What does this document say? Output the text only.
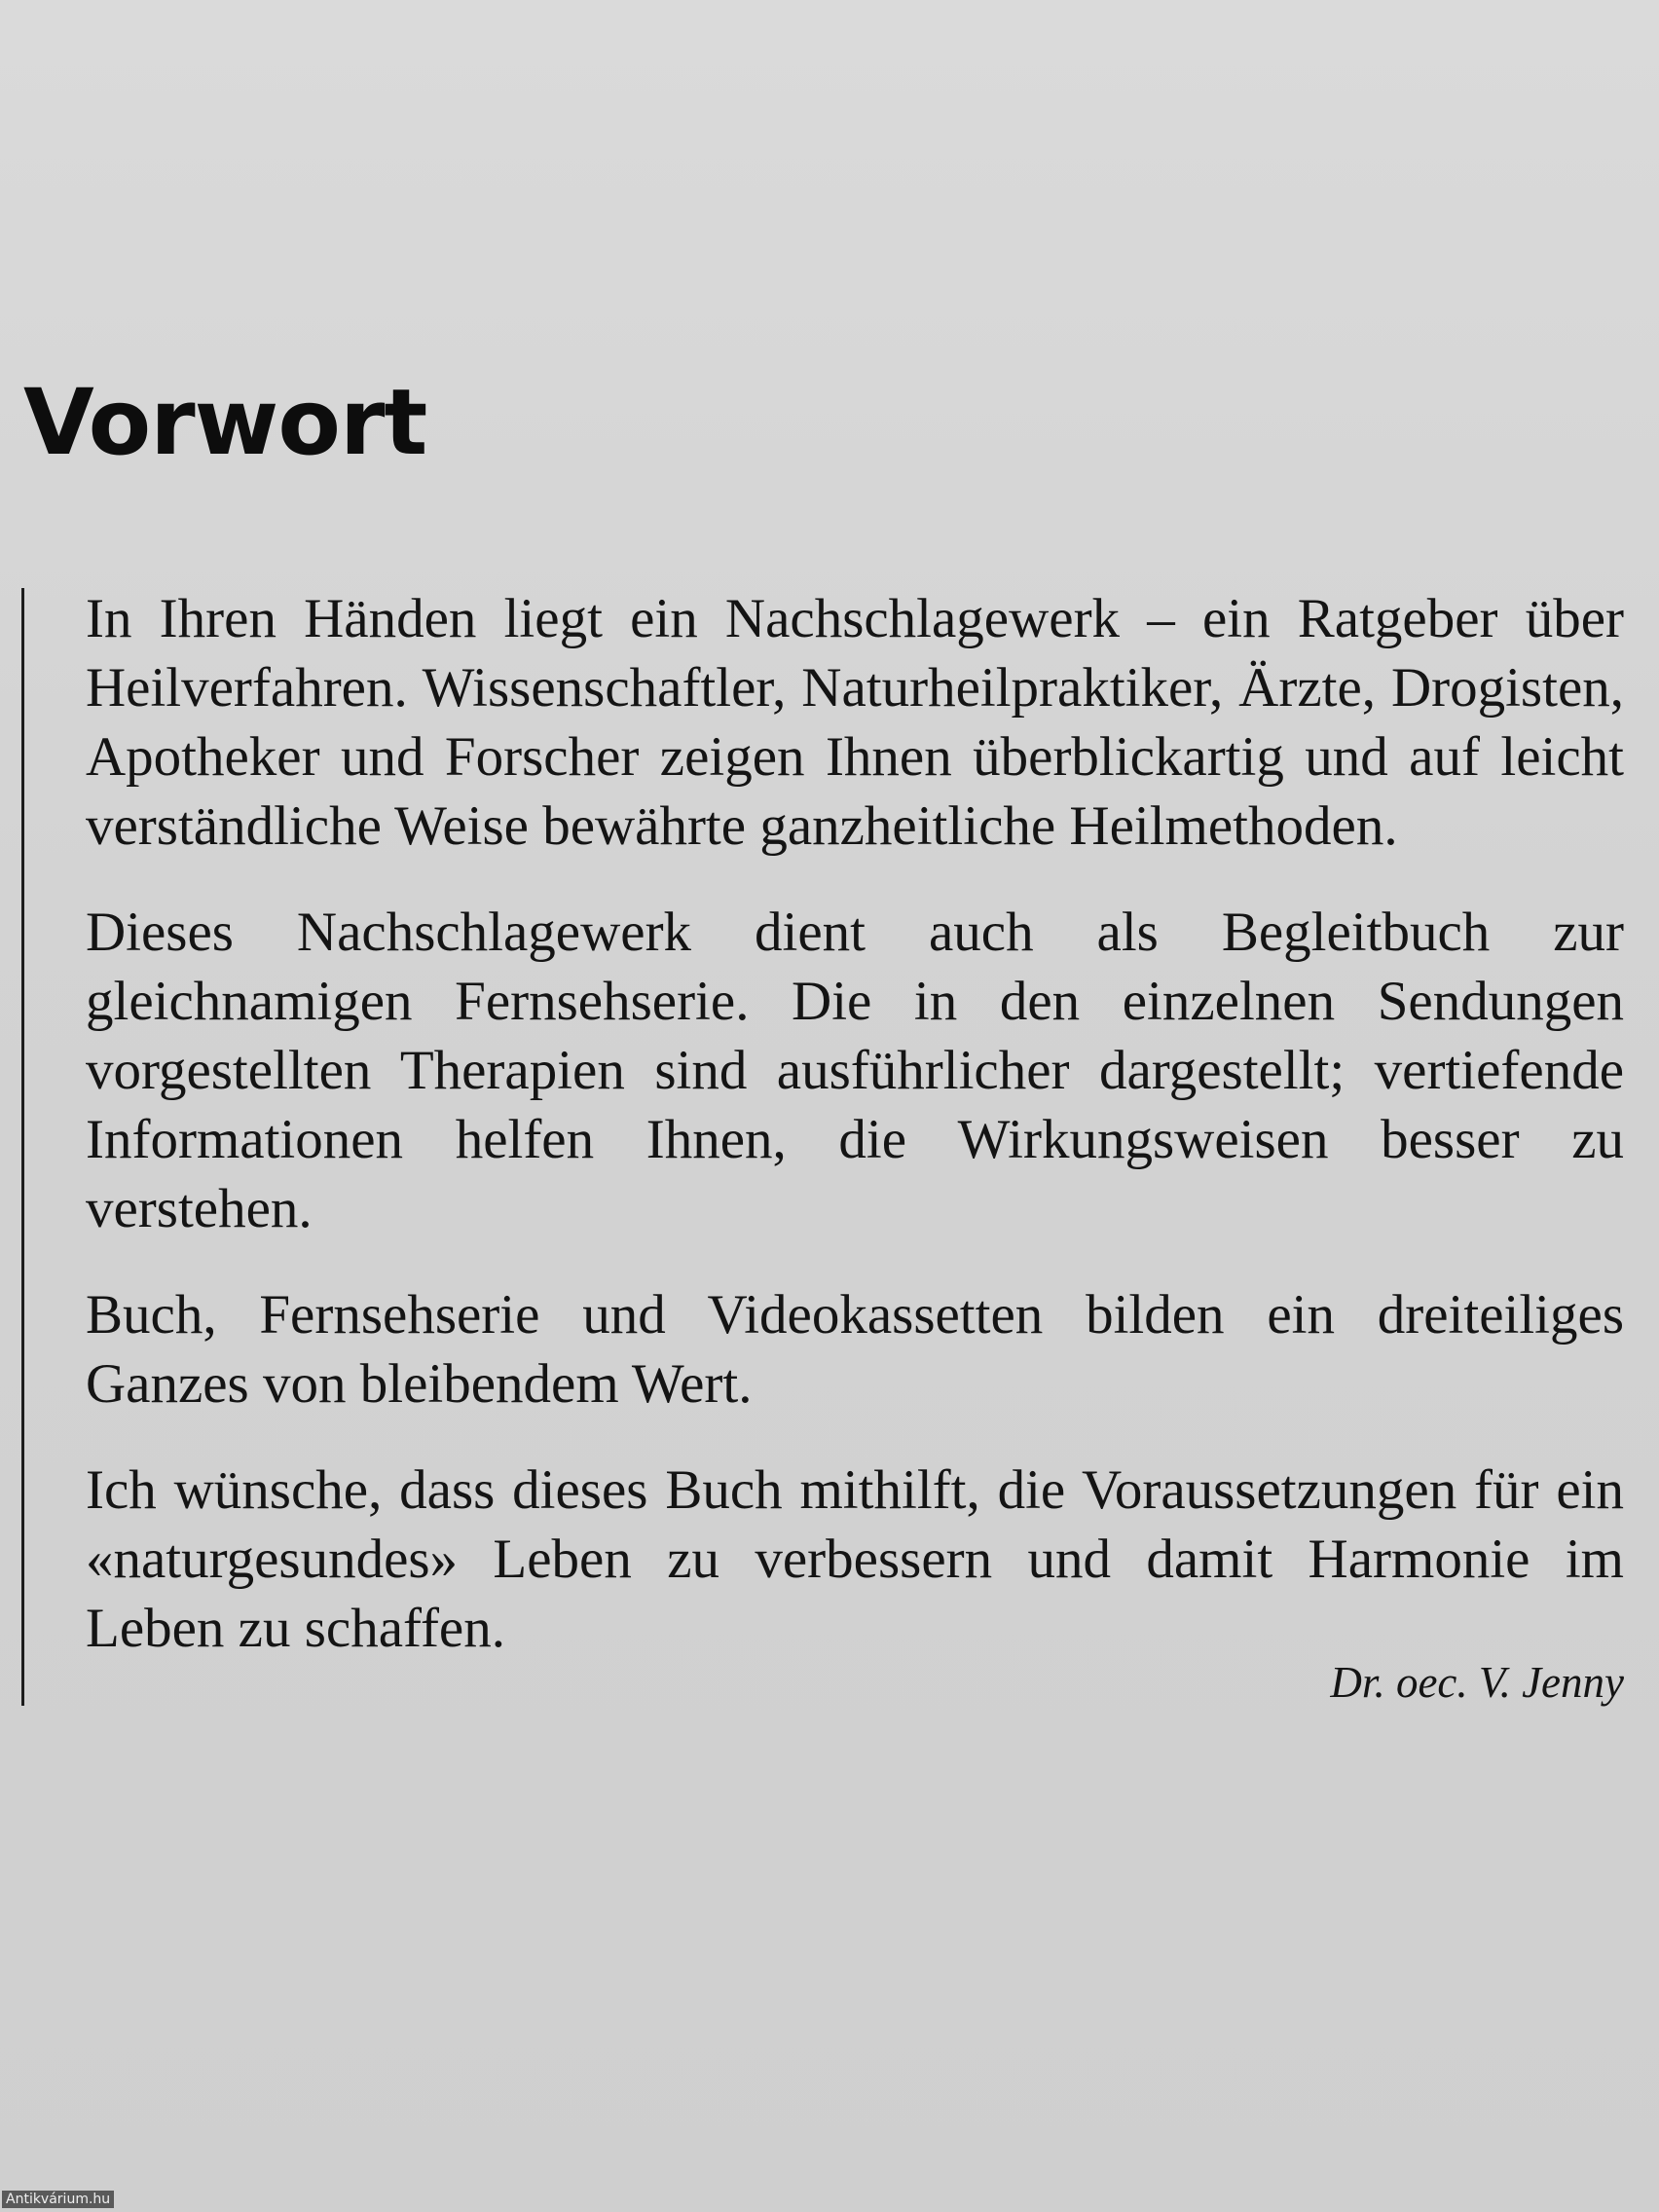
Vorwort

In Ihren Händen liegt ein Nachschlagewerk – ein Ratgeber über Heilverfahren. Wissenschaftler, Naturheilpraktiker, Ärzte, Drogisten, Apotheker und Forscher zeigen Ihnen überblickartig und auf leicht verständliche Weise bewährte ganzheitliche Heilmethoden.

Dieses Nachschlagewerk dient auch als Begleitbuch zur gleichnamigen Fernsehserie. Die in den einzelnen Sendungen vorgestellten Therapien sind ausführlicher dargestellt; vertiefende Informationen helfen Ihnen, die Wirkungsweisen besser zu verstehen.

Buch, Fernsehserie und Videokassetten bilden ein dreiteiliges Ganzes von bleibendem Wert.

Ich wünsche, dass dieses Buch mithilft, die Voraussetzungen für ein «naturgesundes» Leben zu verbessern und damit Harmonie im Leben zu schaffen.

Dr. oec. V. Jenny

Antikvárium.hu
